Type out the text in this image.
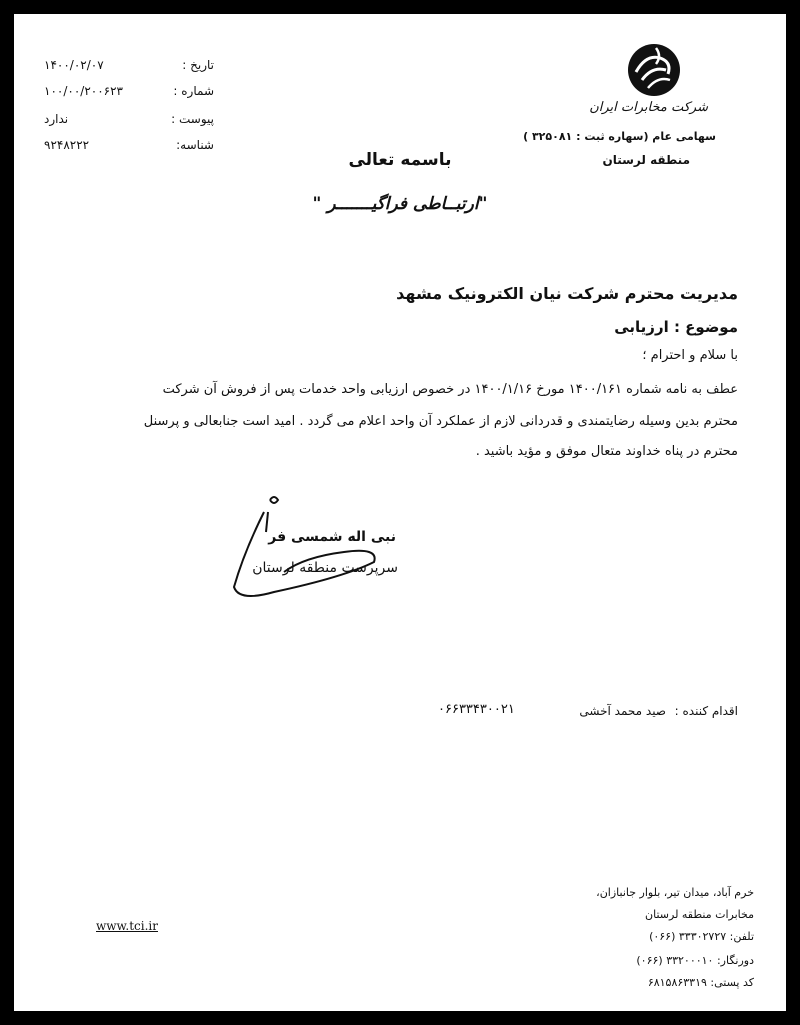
تاریخ :
۱۴۰۰/۰۲/۰۷
شماره :
۱۰۰/۰۰/۲۰۰۶۲۳
پیوست :
ندارد
شناسه:
۹۲۴۸۲۲۲
شرکت مخابرات ایران
سهامی عام (سهاره ثبت : ۳۲۵۰۸۱ )
منطقه لرستان
باسمه تعالی
"ارتبــاطی فراگیـــــــر "
مدیریت محترم شرکت نیان الکترونیک مشهد
موضوع : ارزیابی
با سلام و احترام ؛
عطف به نامه شماره ۱۴۰۰/۱۶۱ مورخ ۱۴۰۰/۱/۱۶ در خصوص ارزیابی واحد خدمات پس از فروش آن شرکت
محترم بدین وسیله رضایتمندی و قدردانی لازم از عملکرد آن واحد اعلام می گردد . امید است جنابعالی و پرسنل
محترم در پناه خداوند متعال موفق و مؤید باشید .
نبی اله شمسی فر
سرپرست منطقه لرستان
اقدام کننده :
صید محمد آخشی
۰۶۶۳۳۴۳۰۰۲۱
خرم آباد، میدان تیر، بلوار جانبازان،
مخابرات منطقه لرستان
تلفن: ۳۳۳۰۲۷۲۷ (۰۶۶)
دورنگار: ۳۳۲۰۰۰۱۰ (۰۶۶)
کد پستی: ۶۸۱۵۸۶۳۳۱۹
www.tci.ir
